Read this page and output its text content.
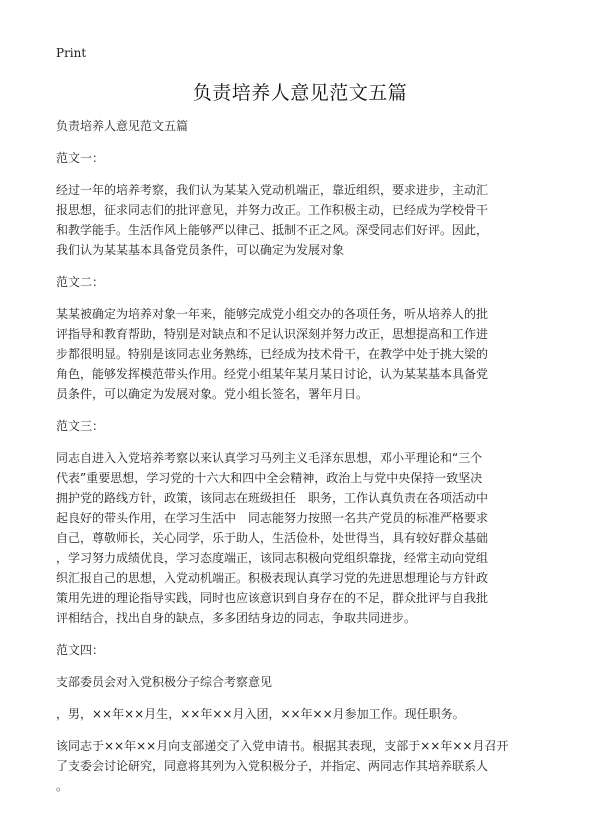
Print
负责培养人意见范文五篇
负责培养人意见范文五篇
范文一：
经过一年的培养考察，我们认为某某入党动机端正，靠近组织，要求进步，主动汇
报思想，征求同志们的批评意见，并努力改正。工作积极主动，已经成为学校骨干
和教学能手。生活作风上能够严以律己、抵制不正之风。深受同志们好评。因此，
我们认为某某基本具备党员条件，可以确定为发展对象
范文二：
某某被确定为培养对象一年来，能够完成党小组交办的各项任务，听从培养人的批
评指导和教育帮助，特别是对缺点和不足认识深刻并努力改正，思想提高和工作进
步都很明显。特别是该同志业务熟练，已经成为技术骨干，在教学中处于挑大梁的
角色，能够发挥模范带头作用。经党小组某年某月某日讨论，认为某某基本具备党
员条件，可以确定为发展对象。党小组长签名，署年月日。
范文三：
同志自进入入党培养考察以来认真学习马列主义毛泽东思想，邓小平理论和“三个
代表”重要思想，学习党的十六大和四中全会精神，政治上与党中央保持一致坚决
拥护党的路线方针，政策，该同志在班级担任　职务，工作认真负责在各项活动中
起良好的带头作用，在学习生活中　同志能努力按照一名共产党员的标准严格要求
自己，尊敬师长，关心同学，乐于助人，生活俭朴，处世得当，具有较好群众基础
，学习努力成绩优良，学习态度端正，该同志积极向党组织靠拢，经常主动向党组
织汇报自己的思想，入党动机端正。积极表现认真学习党的先进思想理论与方针政
策用先进的理论指导实践，同时也应该意识到自身存在的不足，群众批评与自我批
评相结合，找出自身的缺点，多多团结身边的同志，争取共同进步。
范文四：
支部委员会对入党积极分子综合考察意见
，男，××年××月生，××年××月入团，××年××月参加工作。现任职务。
该同志于××年××月向支部递交了入党申请书。根据其表现，支部于××年××月召开
了支委会讨论研究，同意将其列为入党积极分子，并指定、两同志作其培养联系人
。
